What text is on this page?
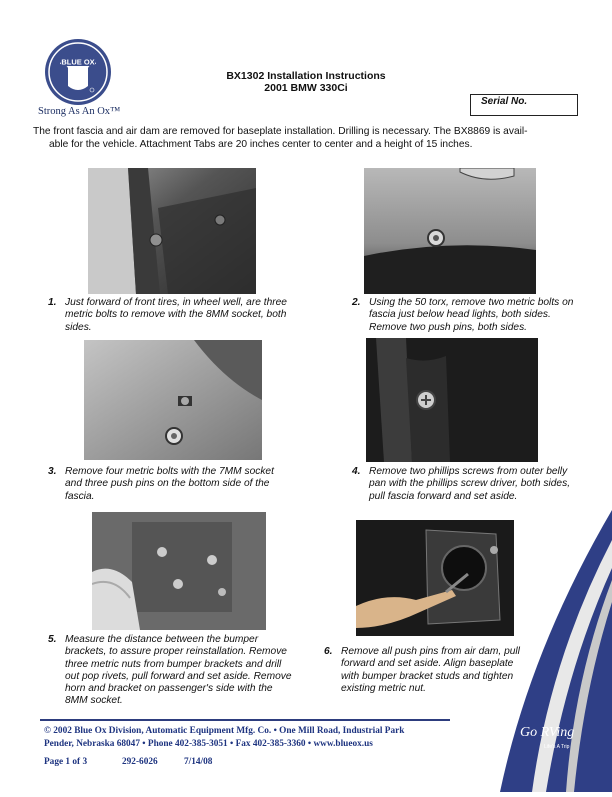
BLUE OX
Strong As An Ox™
BX1302 Installation Instructions
2001 BMW 330Ci
Serial No.
The front fascia and air dam are removed for baseplate installation. Drilling is necessary. The BX8869 is avail-
able for the vehicle. Attachment Tabs are 20 inches center to center and a height of 15 inches.
1. Just forward of front tires, in wheel well, are three metric bolts to remove with the 8MM socket, both sides.
2. Using the 50 torx, remove two metric bolts on fascia just below head lights, both sides. Remove two push pins, both sides.
3. Remove four metric bolts with the 7MM socket and three push pins on the bottom side of the fascia.
4. Remove two phillips screws from outer belly pan with the phillips screw driver, both sides, pull fascia forward and set aside.
Go RVing
Life's A Trip
5. Measure the distance between the bumper brackets, to assure proper reinstallation. Remove three metric nuts from bumper brackets and drill out pop rivets, pull forward and set aside. Remove horn and bracket on passenger's side with the 8MM socket.
6. Remove all push pins from air dam, pull forward and set aside. Align baseplate with bumper bracket studs and tighten existing metric nut.
© 2002 Blue Ox Division, Automatic Equipment Mfg. Co. • One Mill Road, Industrial Park
Pender, Nebraska 68047 • Phone 402-385-3051 • Fax 402-385-3360 • www.blueox.us
Page 1 of 3	292-6026	7/14/08
